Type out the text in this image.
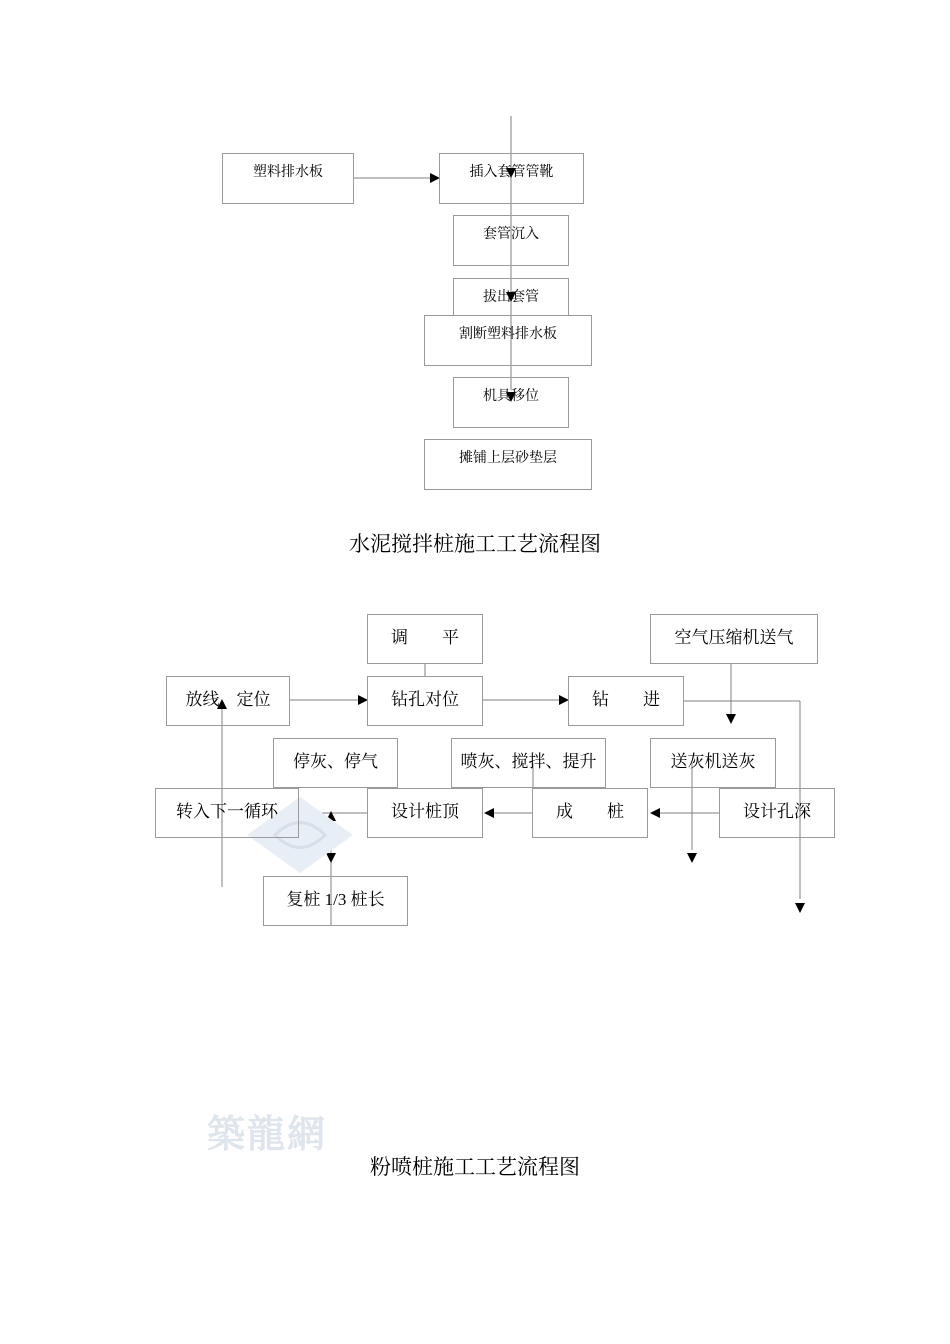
塑料排水板	插入套管管靴
套管沉入
拔出套管
割断塑料排水板
机具移位
摊铺上层砂垫层
水泥搅拌桩施工工艺流程图
调　　平	空气压缩机送气
放线、定位	钻孔对位	钻　　进
停灰、停气	喷灰、搅拌、提升	送灰机送灰
转入下一循环	设计桩顶	成　　桩	设计孔深
复桩 1/3 桩长
築龍網
粉喷桩施工工艺流程图
